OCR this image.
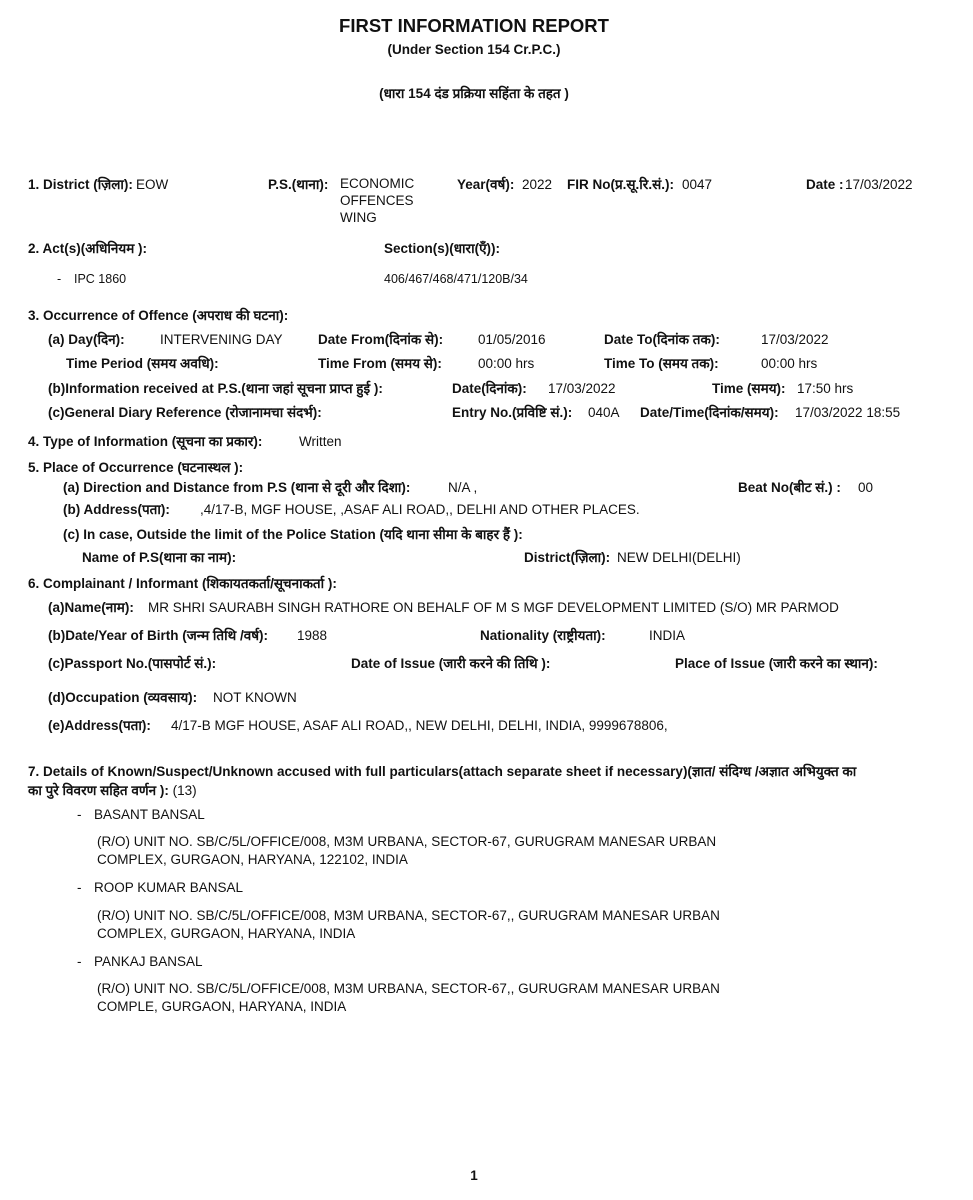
FIRST INFORMATION REPORT
(Under Section 154 Cr.P.C.)
(धारा 154 दंड प्रक्रिया सहिंता के तहत )
1. District (ज़िला): EOW	P.S.(थाना): ECONOMIC
OFFENCES
WING
Year(वर्ष): 2022 FIR No(प्र.सू.रि.सं.): 0047	Date : 17/03/2022
2. Act(s)(अधिनियम ):	Section(s)(धारा(एँ)):
- IPC 1860	406/467/468/471/120B/34
3. Occurrence of Offence (अपराध की घटना):
(a) Day(दिन):	INTERVENING DAY	Date From(दिनांक से):	01/05/2016	Date To(दिनांक तक):	17/03/2022
Time Period (समय अवधि):	Time From (समय से):	00:00 hrs	Time To (समय तक):	00:00 hrs
(b)Information received at P.S.(थाना जहां सूचना प्राप्त हुई ):	Date(दिनांक): 17/03/2022	Time (समय): 17:50 hrs
(c)General Diary Reference (रोजानामचा संदर्भ):	Entry No.(प्रविष्टि सं.): 040A Date/Time(दिनांक/समय): 17/03/2022 18:55
4. Type of Information (सूचना का प्रकार):	Written
5. Place of Occurrence (घटनास्थल ):
(a) Direction and Distance from P.S (थाना से दूरी और दिशा):	N/A ,	Beat No(बीट सं.) : 00
(b) Address(पता): ,4/17-B, MGF HOUSE, ,ASAF ALI ROAD,, DELHI AND OTHER PLACES.
(c) In case, Outside the limit of the Police Station (यदि थाना सीमा के बाहर हैं ):
Name of P.S(थाना का नाम):	District(ज़िला): NEW DELHI(DELHI)
6. Complainant / Informant (शिकायतकर्ता/सूचनाकर्ता ):
(a)Name(नाम): MR SHRI SAURABH SINGH RATHORE ON BEHALF OF M S MGF DEVELOPMENT LIMITED (S/O) MR PARMOD
(b)Date/Year of Birth (जन्म तिथि /वर्ष): 1988	Nationality (राष्ट्रीयता):	INDIA
(c)Passport No.(पासपोर्ट सं.):	Date of Issue (जारी करने की तिथि ):	Place of Issue (जारी करने का स्थान):
(d)Occupation (व्यवसाय): NOT KNOWN
(e)Address(पता): 4/17-B MGF HOUSE, ASAF ALI ROAD,, NEW DELHI, DELHI, INDIA, 9999678806,
7. Details of Known/Suspect/Unknown accused with full particulars(attach separate sheet if necessary)(ज्ञात/ संदिग्ध /अज्ञात अभियुक्त का
का पुरे विवरण सहित वर्णन ): (13)
- BASANT BANSAL
(R/O) UNIT NO. SB/C/5L/OFFICE/008, M3M URBANA, SECTOR-67, GURUGRAM MANESAR URBAN
COMPLEX, GURGAON, HARYANA, 122102, INDIA
- ROOP KUMAR BANSAL
(R/O) UNIT NO. SB/C/5L/OFFICE/008, M3M URBANA, SECTOR-67,, GURUGRAM MANESAR URBAN
COMPLEX, GURGAON, HARYANA, INDIA
- PANKAJ BANSAL
(R/O) UNIT NO. SB/C/5L/OFFICE/008, M3M URBANA, SECTOR-67,, GURUGRAM MANESAR URBAN
COMPLE, GURGAON, HARYANA, INDIA
1
